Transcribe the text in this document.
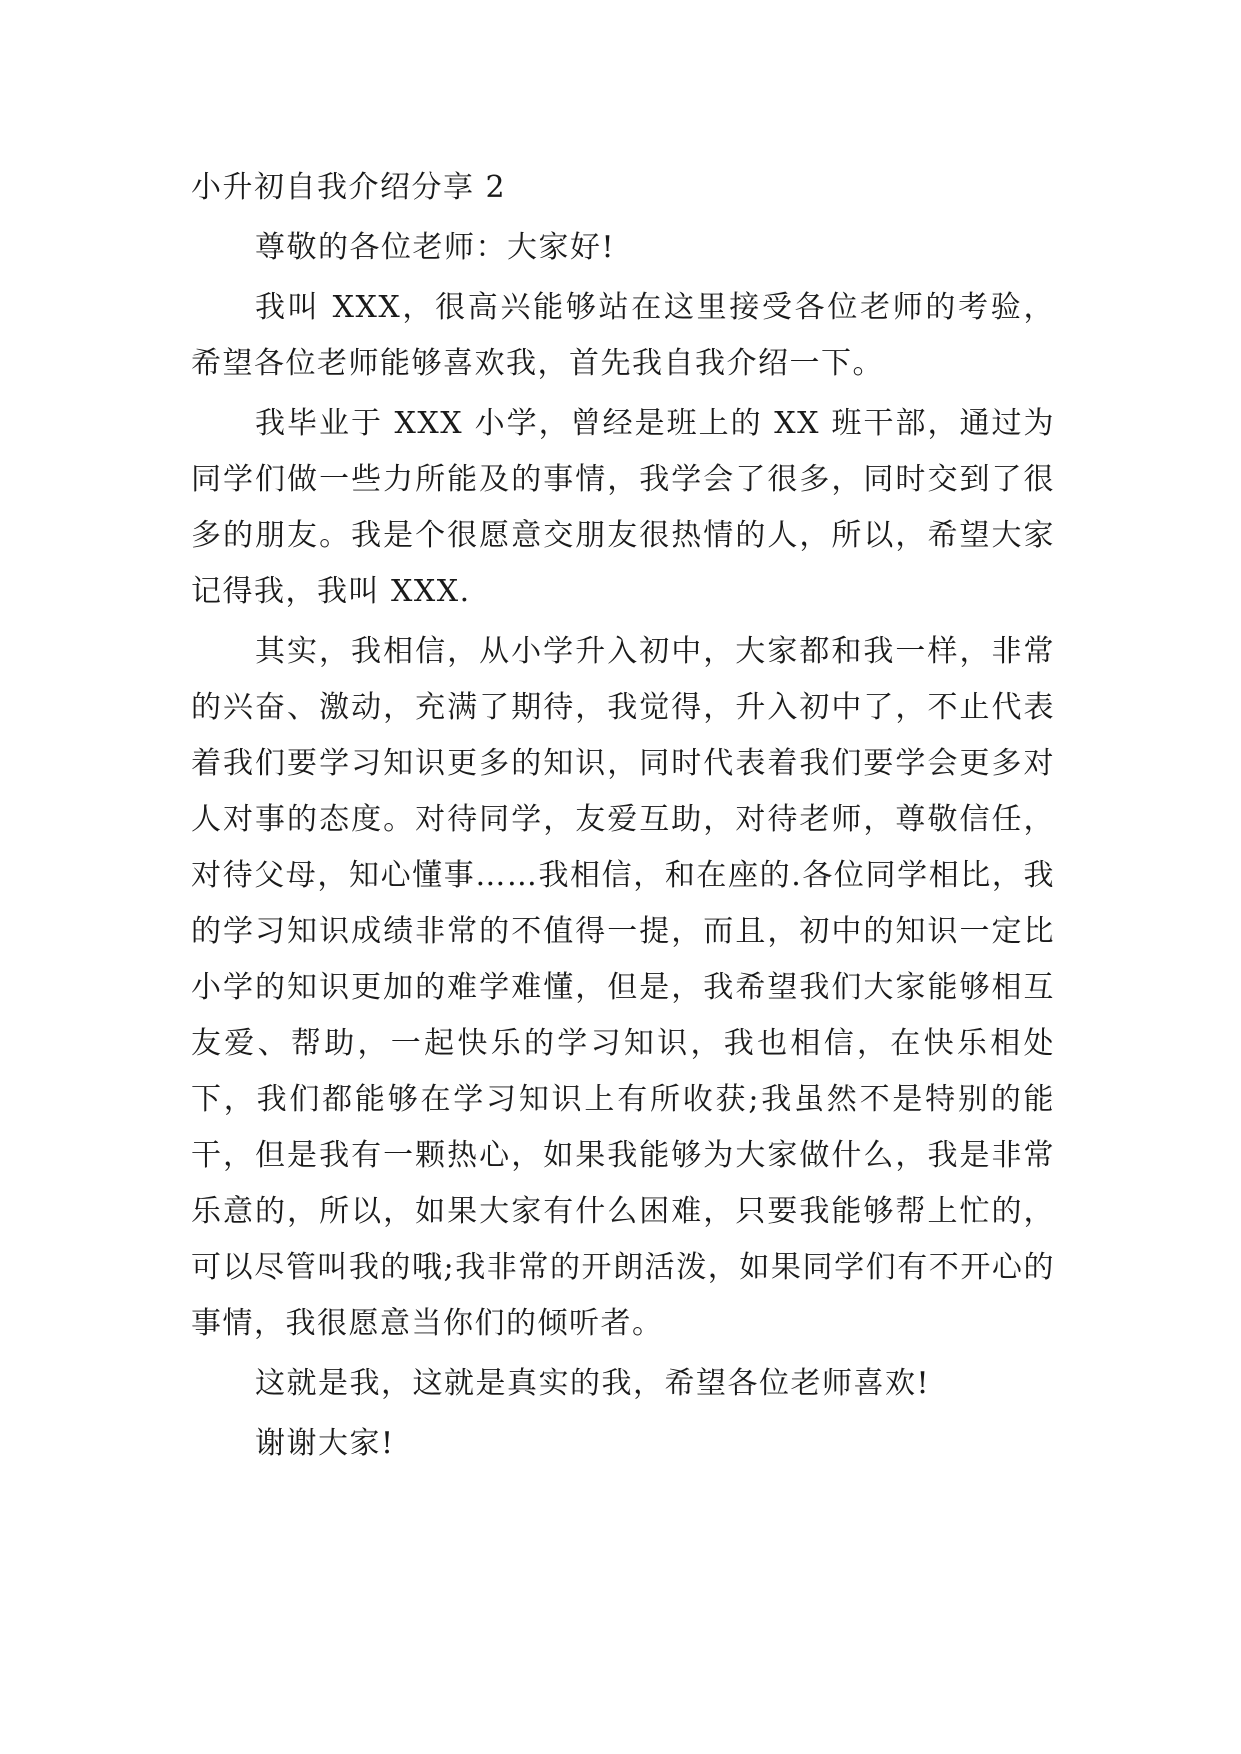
小升初自我介绍分享 2

尊敬的各位老师：大家好!

我叫 XXX，很高兴能够站在这里接受各位老师的考验，希望各位老师能够喜欢我，首先我自我介绍一下。

我毕业于 XXX 小学，曾经是班上的 XX 班干部，通过为同学们做一些力所能及的事情，我学会了很多，同时交到了很多的朋友。我是个很愿意交朋友很热情的人，所以，希望大家记得我，我叫 XXX.

其实，我相信，从小学升入初中，大家都和我一样，非常的兴奋、激动，充满了期待，我觉得，升入初中了，不止代表着我们要学习知识更多的知识，同时代表着我们要学会更多对人对事的态度。对待同学，友爱互助，对待老师，尊敬信任，对待父母，知心懂事……我相信，和在座的.各位同学相比，我的学习知识成绩非常的不值得一提，而且，初中的知识一定比小学的知识更加的难学难懂，但是，我希望我们大家能够相互友爱、帮助，一起快乐的学习知识，我也相信，在快乐相处下，我们都能够在学习知识上有所收获;我虽然不是特别的能干，但是我有一颗热心，如果我能够为大家做什么，我是非常乐意的，所以，如果大家有什么困难，只要我能够帮上忙的，可以尽管叫我的哦;我非常的开朗活泼，如果同学们有不开心的事情，我很愿意当你们的倾听者。

这就是我，这就是真实的我，希望各位老师喜欢!

谢谢大家!
